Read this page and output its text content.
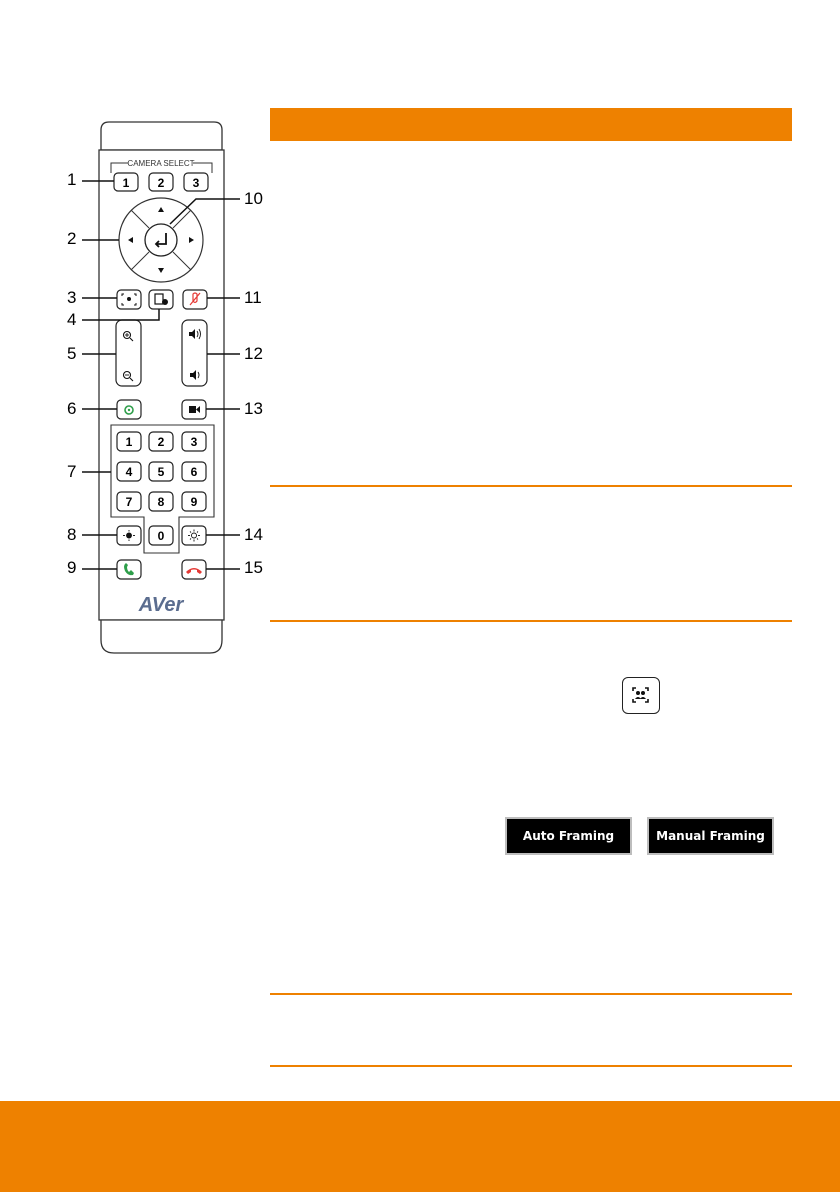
CAMERA SELECT
1 2 3
1 2 3
4 5 6
7 8 9
0
AVer
1
2
3
4
5
6
7
8
9
10
11
12
13
14
15
Auto Framing	Manual Framing
